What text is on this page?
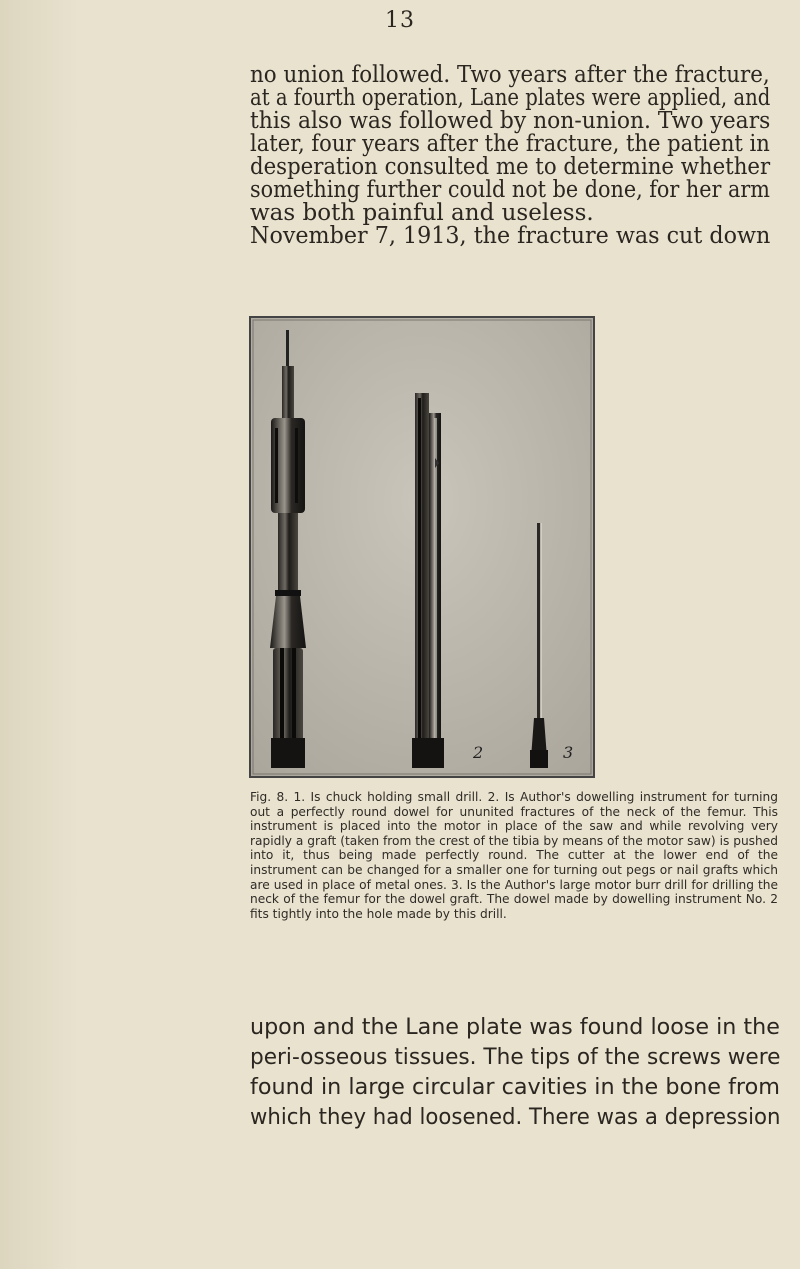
13

no union followed. Two years after the fracture,
at a fourth operation, Lane plates were applied, and
this also was followed by non-union. Two years
later, four years after the fracture, the patient in
desperation consulted me to determine whether
something further could not be done, for her arm
was both painful and useless.
November 7, 1913, the fracture was cut down

2	3

Fig. 8. 1. Is chuck holding small drill. 2. Is Author's dowelling instrument for turning out a perfectly round dowel for ununited fractures of the neck of the femur. This instrument is placed into the motor in place of the saw and while revolving very rapidly a graft (taken from the crest of the tibia by means of the motor saw) is pushed into it, thus being made perfectly round. The cutter at the lower end of the instrument can be changed for a smaller one for turning out pegs or nail grafts which are used in place of metal ones. 3. Is the Author's large motor burr drill for drilling the neck of the femur for the dowel graft. The dowel made by dowelling instrument No. 2 fits tightly into the hole made by this drill.

upon and the Lane plate was found loose in the
peri-osseous tissues. The tips of the screws were
found in large circular cavities in the bone from
which they had loosened. There was a depression
